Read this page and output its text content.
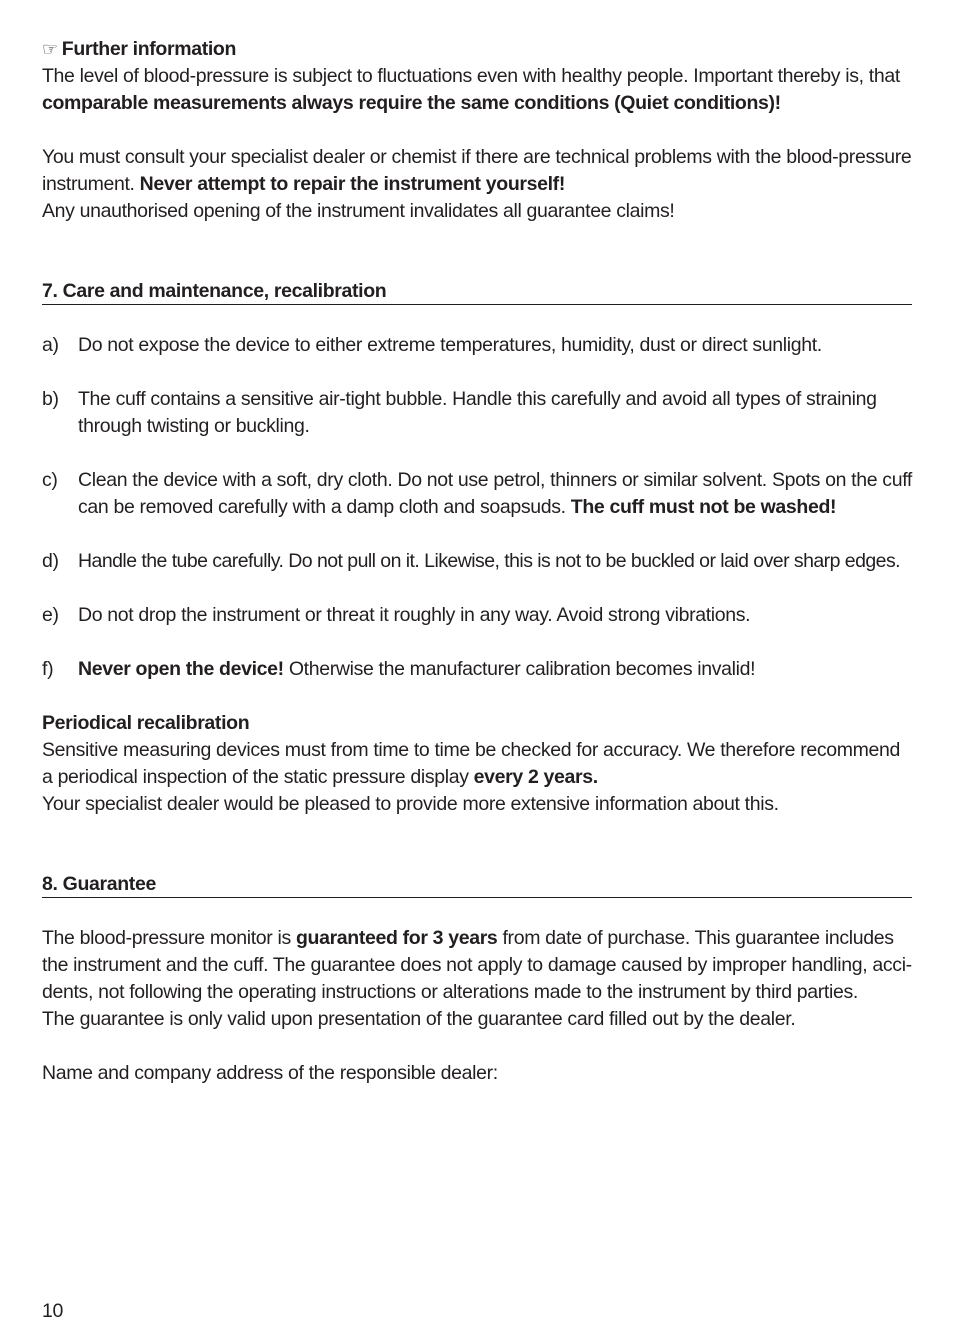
☞ Further information

The level of blood-pressure is subject to fluctuations even with healthy people. Important thereby is, that comparable measurements always require the same conditions (Quiet conditions)!

You must consult your specialist dealer or chemist if there are technical problems with the blood-pressure instrument. Never attempt to repair the instrument yourself!
Any unauthorised opening of the instrument invalidates all guarantee claims!

7. Care and maintenance, recalibration

a) Do not expose the device to either extreme temperatures, humidity, dust or direct sunlight.
b) The cuff contains a sensitive air-tight bubble. Handle this carefully and avoid all types of straining through twisting or buckling.
c)	Clean the device with a soft, dry cloth. Do not use petrol, thinners or similar solvent. Spots on the cuff can be removed carefully with a damp cloth and soapsuds. The cuff must not be washed!
d) Handle the tube carefully. Do not pull on it. Likewise, this is not to be buckled or laid over sharp edges.
e) Do not drop the instrument or threat it roughly in any way. Avoid strong vibrations.
f)	Never open the device! Otherwise the manufacturer calibration becomes invalid!

Periodical recalibration

Sensitive measuring devices must from time to time be checked for accuracy. We therefore recommend a periodical inspection of the static pressure display every 2 years.
Your specialist dealer would be pleased to provide more extensive information about this.

8. Guarantee

The blood-pressure monitor is guaranteed for 3 years from date of purchase. This guarantee includes the instrument and the cuff. The guarantee does not apply to damage caused by improper handling, acci-dents, not following the operating instructions or alterations made to the instrument by third parties.
The guarantee is only valid upon presentation of the guarantee card filled out by the dealer.

Name and company address of the responsible dealer:

10
